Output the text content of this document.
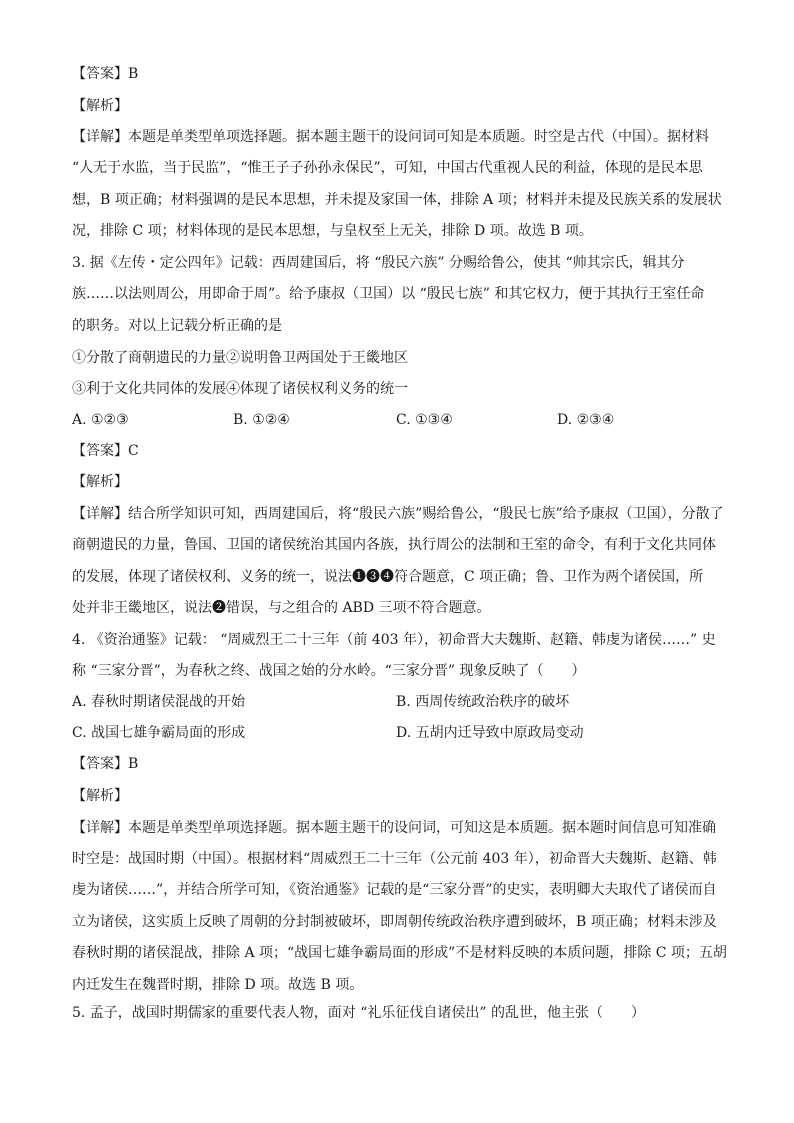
【答案】B
【解析】
【详解】本题是单类型单项选择题。据本题主题干的设问词可知是本质题。时空是古代（中国）。据材料
“人无于水监，当于民监”，“惟王子子孙孙永保民”，可知，中国古代重视人民的利益，体现的是民本思
想，B 项正确；材料强调的是民本思想，并未提及家国一体，排除 A 项；材料并未提及民族关系的发展状
况，排除 C 项；材料体现的是民本思想，与皇权至上无关，排除 D 项。故选 B 项。
3. 据《左传・定公四年》记载：西周建国后，将 “殷民六族” 分赐给鲁公，使其 “帅其宗氏，辑其分
族……以法则周公，用即命于周”。给予康叔（卫国）以 “殷民七族” 和其它权力，便于其执行王室任命
的职务。对以上记载分析正确的是
①分散了商朝遗民的力量②说明鲁卫两国处于王畿地区
③利于文化共同体的发展④体现了诸侯权利义务的统一
A. ①②③	B. ①②④	C. ①③④	D. ②③④
【答案】C
【解析】
【详解】结合所学知识可知，西周建国后，将“殷民六族”赐给鲁公，“殷民七族”给予康叔（卫国），分散了
商朝遗民的力量，鲁国、卫国的诸侯统治其国内各族，执行周公的法制和王室的命令，有利于文化共同体
的发展，体现了诸侯权利、义务的统一，说法❶❸❹符合题意，C 项正确；鲁、卫作为两个诸侯国，所
处并非王畿地区，说法❷错误，与之组合的 ABD 三项不符合题意。
4. 《资治通鉴》记载： “周威烈王二十三年（前 403 年），初命晋大夫魏斯、赵籍、韩虔为诸侯……” 史
称 “三家分晋”，为春秋之终、战国之始的分水岭。“三家分晋” 现象反映了（　　）
A. 春秋时期诸侯混战的开始	B. 西周传统政治秩序的破坏
C. 战国七雄争霸局面的形成	D. 五胡内迁导致中原政局变动
【答案】B
【解析】
【详解】本题是单类型单项选择题。据本题主题干的设问词，可知这是本质题。据本题时间信息可知准确
时空是：战国时期（中国）。根据材料“周威烈王二十三年（公元前 403 年），初命晋大夫魏斯、赵籍、韩
虔为诸侯……”，并结合所学可知，《资治通鉴》记载的是“三家分晋”的史实，表明卿大夫取代了诸侯而自
立为诸侯，这实质上反映了周朝的分封制被破坏，即周朝传统政治秩序遭到破坏，B 项正确；材料未涉及
春秋时期的诸侯混战，排除 A 项；“战国七雄争霸局面的形成”不是材料反映的本质问题，排除 C 项；五胡
内迁发生在魏晋时期，排除 D 项。故选 B 项。
5. 孟子，战国时期儒家的重要代表人物，面对 “礼乐征伐自诸侯出” 的乱世，他主张（　　）
